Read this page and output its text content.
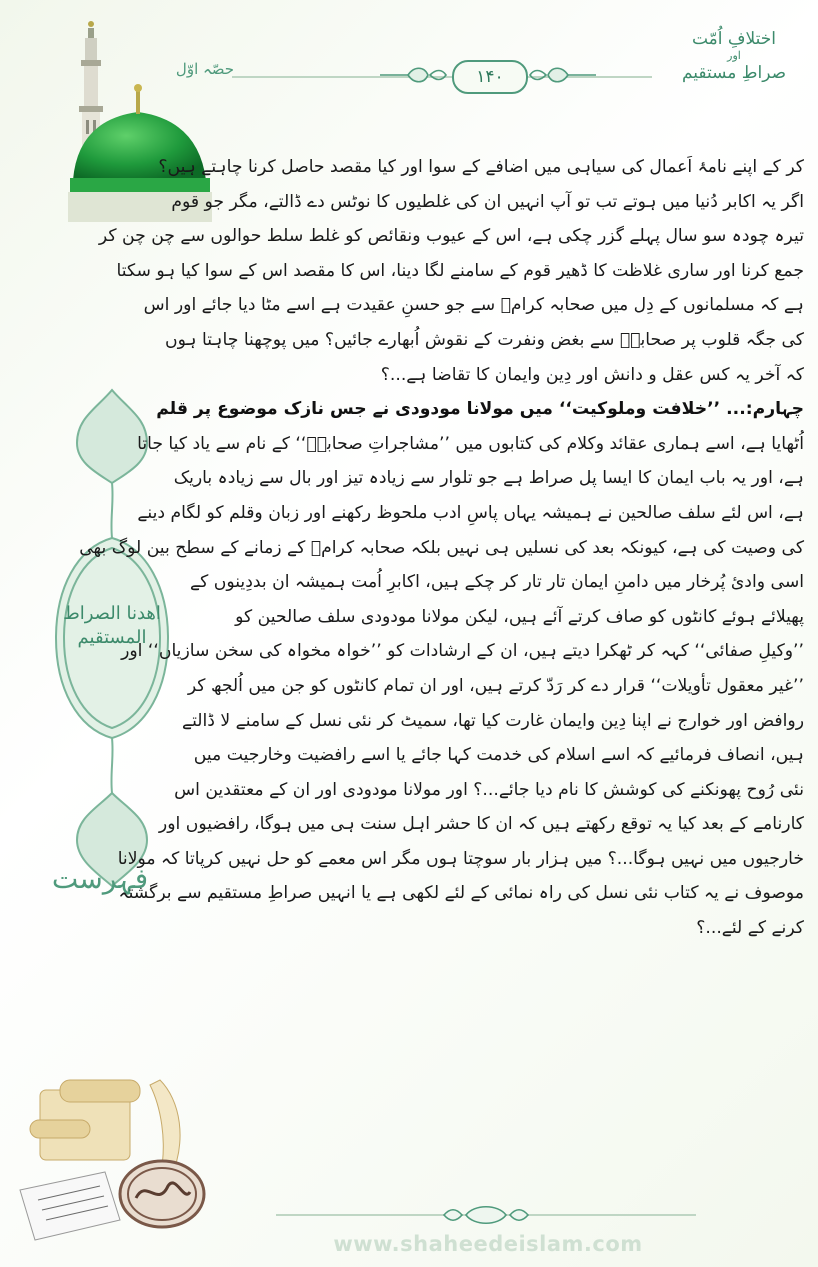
اهدنا الصراط المستقیم
فہرست
۱۴۰
حصّہ اوّل
اختلافِ اُمّت
اور
صراطِ مستقیم
کر کے اپنے نامۂ اَعمال کی سیاہی میں اضافے کے سوا اور کیا مقصد حاصل کرنا چاہتے ہیں؟
اگر یہ اکابر دُنیا میں ہوتے تب تو آپ انہیں ان کی غلطیوں کا نوٹس دے ڈالتے، مگر جو قوم
تیرہ چودہ سو سال پہلے گزر چکی ہے، اس کے عیوب ونقائص کو غلط سلط حوالوں سے چن چن کر
جمع کرنا اور ساری غلاظت کا ڈھیر قوم کے سامنے لگا دینا، اس کا مقصد اس کے سوا کیا ہو سکتا
ہے کہ مسلمانوں کے دِل میں صحابہ کرامؓ سے جو حسنِ عقیدت ہے اسے مٹا دیا جائے اور اس
کی جگہ قلوب پر صحابہؓ سے بغض ونفرت کے نقوش اُبھارے جائیں؟ میں پوچھنا چاہتا ہوں
کہ آخر یہ کس عقل و دانش اور دِین وایمان کا تقاضا ہے...؟
چہارم:... ’’خلافت وملوکیت‘‘ میں مولانا مودودی نے جس نازک موضوع پر قلم
اُٹھایا ہے، اسے ہماری عقائد وکلام کی کتابوں میں ’’مشاجراتِ صحابہؓ‘‘ کے نام سے یاد کیا جاتا
ہے، اور یہ باب ایمان کا ایسا پل صراط ہے جو تلوار سے زیادہ تیز اور بال سے زیادہ باریک
ہے، اس لئے سلف صالحین نے ہمیشہ یہاں پاسِ ادب ملحوظ رکھنے اور زبان وقلم کو لگام دینے
کی وصیت کی ہے، کیونکہ بعد کی نسلیں ہی نہیں بلکہ صحابہ کرامؓ کے زمانے کے سطح بین لوگ بھی
اسی وادیٔ پُرخار میں دامنِ ایمان تار تار کر چکے ہیں، اکابرِ اُمت ہمیشہ ان بددِینوں کے
پھیلائے ہوئے کانٹوں کو صاف کرتے آئے ہیں، لیکن مولانا مودودی سلف صالحین کو
’’وکیلِ صفائی‘‘ کہہ کر ٹھکرا دیتے ہیں، ان کے ارشادات کو ’’خواہ مخواہ کی سخن سازیاں‘‘ اور
’’غیر معقول تأویلات‘‘ قرار دے کر رَدّ کرتے ہیں، اور ان تمام کانٹوں کو جن میں اُلجھ کر
روافض اور خوارج نے اپنا دِین وایمان غارت کیا تھا، سمیٹ کر نئی نسل کے سامنے لا ڈالتے
ہیں، انصاف فرمائیے کہ اسے اسلام کی خدمت کہا جائے یا اسے رافضیت وخارجیت میں
نئی رُوح پھونکنے کی کوشش کا نام دیا جائے...؟ اور مولانا مودودی اور ان کے معتقدین اس
کارنامے کے بعد کیا یہ توقع رکھتے ہیں کہ ان کا حشر اہل سنت ہی میں ہوگا، رافضیوں اور
خارجیوں میں نہیں ہوگا...؟ میں ہزار بار سوچتا ہوں مگر اس معمے کو حل نہیں کرپاتا کہ مولانا
موصوف نے یہ کتاب نئی نسل کی راہ نمائی کے لئے لکھی ہے یا انہیں صراطِ مستقیم سے برگشتہ
کرنے کے لئے...؟
www.shaheedeislam.com
